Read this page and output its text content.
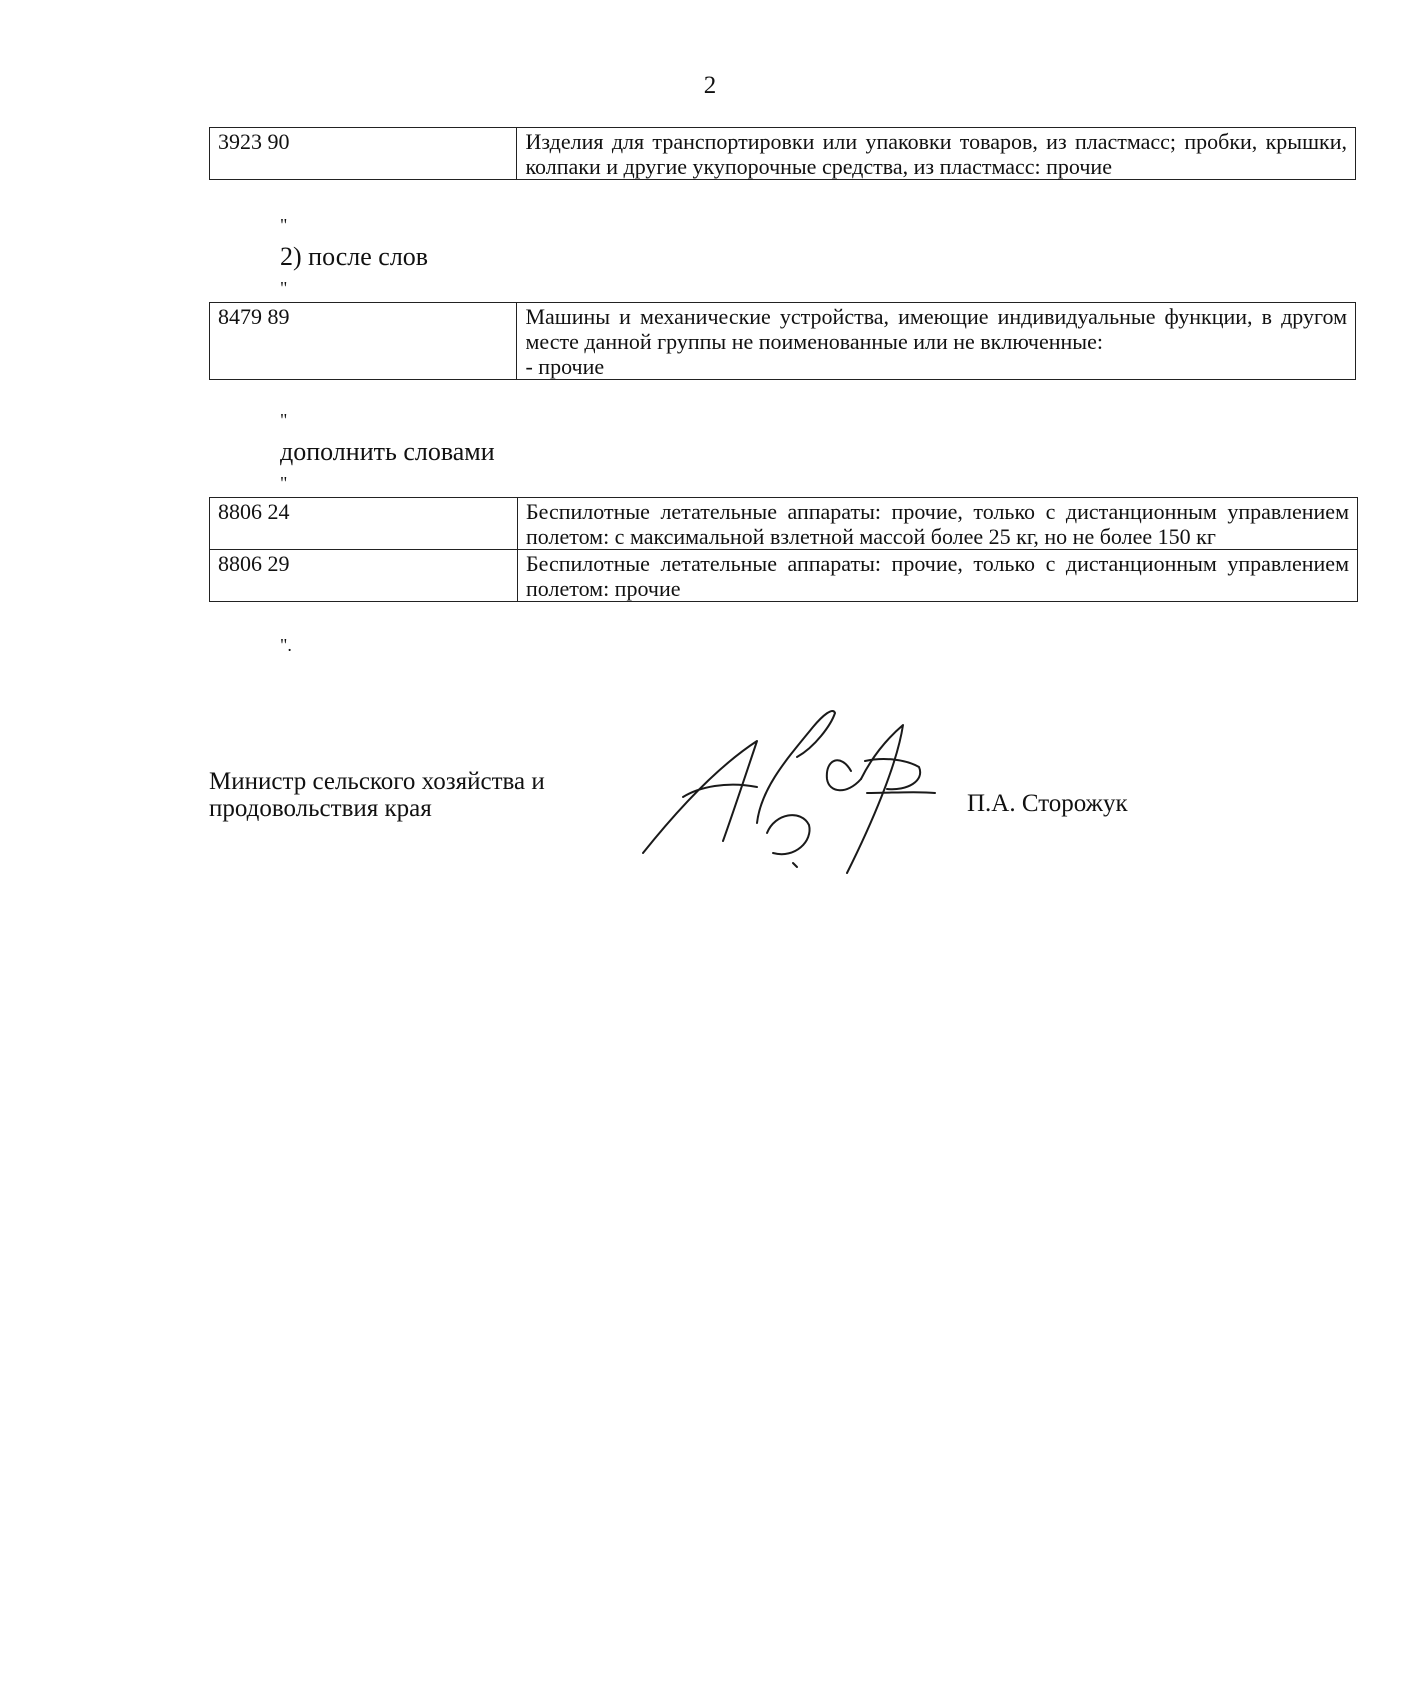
2
3923 90	Изделия для транспортировки или упаковки товаров, из пластмасс; пробки, крышки, колпаки и другие укупорочные средства, из пластмасс: прочие
"
2) после слов
"
8479 89	Машины и механические устройства, имеющие индивидуальные функции, в другом месте данной группы не поименованные или не включенные:
- прочие
"
дополнить словами
"
8806 24	Беспилотные летательные аппараты: прочие, только с дистанционным управлением полетом: с максимальной взлетной массой более 25 кг, но не более 150 кг
8806 29	Беспилотные летательные аппараты: прочие, только с дистанционным управлением полетом: прочие
".
Министр сельского хозяйства и
продовольствия края	П.А. Сторожук
